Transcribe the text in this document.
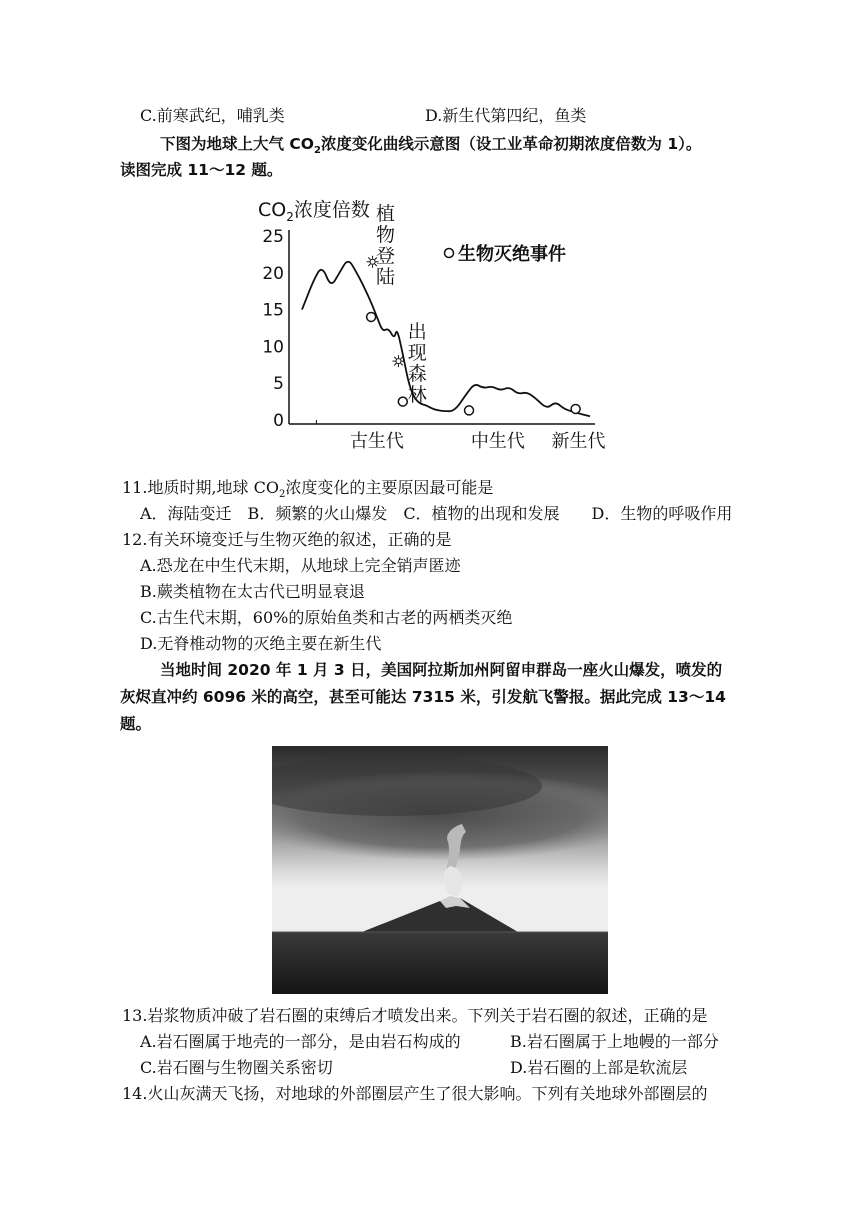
C.前寒武纪，哺乳类	D.新生代第四纪，鱼类
下图为地球上大气 $CO_2$浓度变化曲线示意图（设工业革命初期浓度倍数为 1）。
读图完成 11～12 题。
$CO_2$浓度倍数
25
20
15
10
5
0
古生代	中生代 新生代
植
物
登
陆
出
现
森
林
生物灭绝事件
11.地质时期,地球 $CO_2$浓度变化的主要原因最可能是
A．海陆变迁　B．频繁的火山爆发　C．植物的出现和发展　　D．生物的呼吸作用
12.有关环境变迁与生物灭绝的叙述，正确的是
A.恐龙在中生代末期，从地球上完全销声匿迹
B.蕨类植物在太古代已明显衰退
C.古生代末期，60%的原始鱼类和古老的两栖类灭绝
D.无脊椎动物的灭绝主要在新生代
当地时间 2020 年 1 月 3 日，美国阿拉斯加州阿留申群岛一座火山爆发，喷发的
灰烬直冲约 6096 米的高空，甚至可能达 7315 米，引发航飞警报。据此完成 13～14
题。
13.岩浆物质冲破了岩石圈的束缚后才喷发出来。下列关于岩石圈的叙述，正确的是
A.岩石圈属于地壳的一部分，是由岩石构成的	B.岩石圈属于上地幔的一部分
C.岩石圈与生物圈关系密切	D.岩石圈的上部是软流层
14.火山灰满天飞扬，对地球的外部圈层产生了很大影响。下列有关地球外部圈层的
